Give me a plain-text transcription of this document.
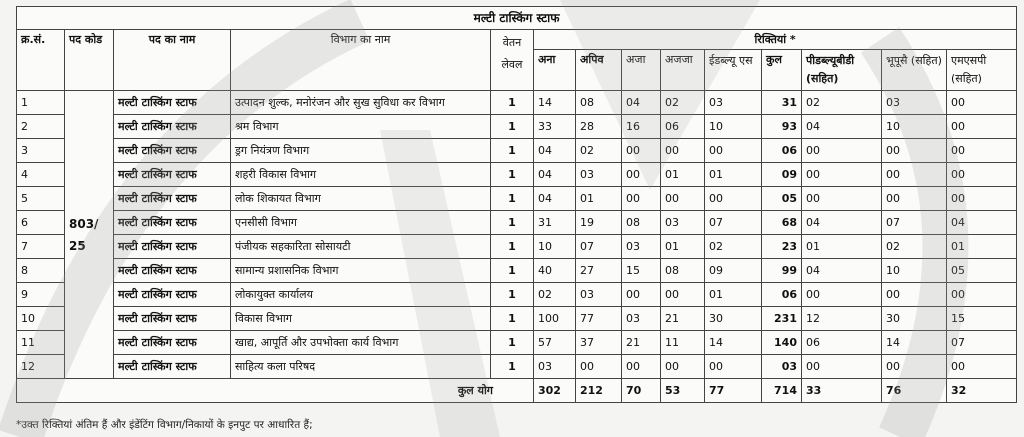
मल्टी टास्किंग स्टाफ													
क्र.सं.	पद कोड	पद का नाम	विभाग का नाम	वेतन लेवल	रिक्तियां *								
					अना	अपिव	अजा	अजजा	ईडब्ल्यू एस	कुल	पीडब्ल्यूबीडी (सहित)	भूपूसै (सहित)	एमएसपी (सहित)
1	803/ 25	मल्टी टास्किंग स्टाफ	उत्पादन शुल्क, मनोरंजन और सुख सुविधा कर विभाग	1	14	08	04	02	03	31	02	03	00
2		मल्टी टास्किंग स्टाफ	श्रम विभाग	1	33	28	16	06	10	93	04	10	00
3		मल्टी टास्किंग स्टाफ	ड्रग नियंत्रण विभाग	1	04	02	00	00	00	06	00	00	00
4		मल्टी टास्किंग स्टाफ	शहरी विकास विभाग	1	04	03	00	01	01	09	00	00	00
5		मल्टी टास्किंग स्टाफ	लोक शिकायत विभाग	1	04	01	00	00	00	05	00	00	00
6		मल्टी टास्किंग स्टाफ	एनसीसी विभाग	1	31	19	08	03	07	68	04	07	04
7		मल्टी टास्किंग स्टाफ	पंजीयक सहकारिता सोसायटी	1	10	07	03	01	02	23	01	02	01
8		मल्टी टास्किंग स्टाफ	सामान्य प्रशासनिक विभाग	1	40	27	15	08	09	99	04	10	05
9		मल्टी टास्किंग स्टाफ	लोकायुक्त कार्यालय	1	02	03	00	00	01	06	00	00	00
10		मल्टी टास्किंग स्टाफ	विकास विभाग	1	100	77	03	21	30	231	12	30	15
11		मल्टी टास्किंग स्टाफ	खाद्य, आपूर्ति और उपभोक्ता कार्य विभाग	1	57	37	21	11	14	140	06	14	07
12		मल्टी टास्किंग स्टाफ	साहित्य कला परिषद	1	03	00	00	00	00	03	00	00	00
कुल योग					302	212	70	53	77	714	33	76	32
*उक्त रिक्तियां अंतिम हैं और इंडेंटिंग विभाग/निकायों के इनपुट पर आधारित हैं;
